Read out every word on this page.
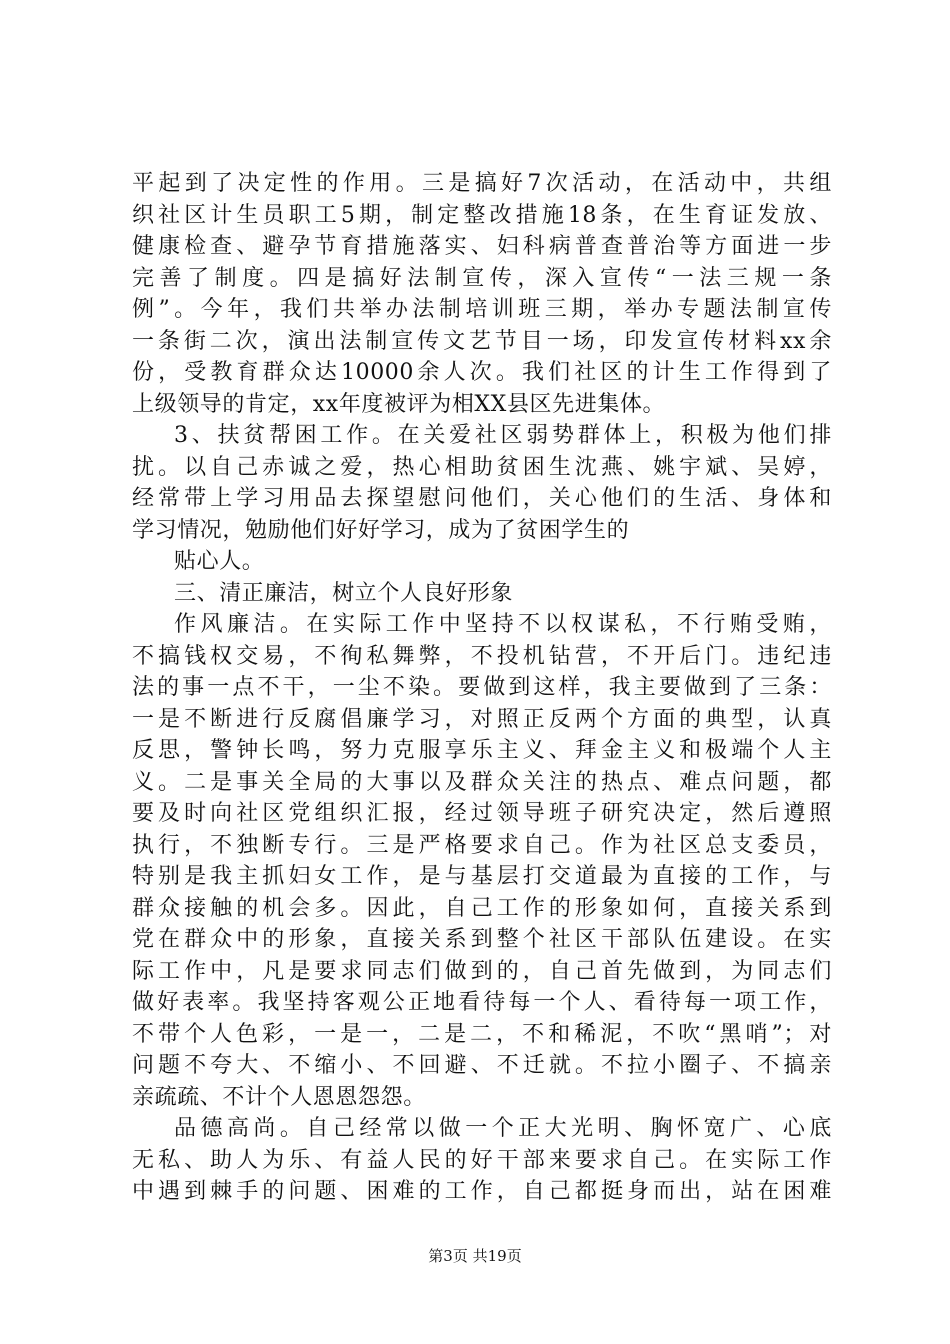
平起到了决定性的作用。三是搞好7次活动，在活动中，共组
织社区计生员职工5期，制定整改措施18条，在生育证发放、
健康检查、避孕节育措施落实、妇科病普查普治等方面进一步
完善了制度。四是搞好法制宣传，深入宣传“一法三规一条
例”。今年，我们共举办法制培训班三期，举办专题法制宣传
一条街二次，演出法制宣传文艺节目一场，印发宣传材料xx余
份，受教育群众达10000余人次。我们社区的计生工作得到了
上级领导的肯定，xx年度被评为相XX县区先进集体。
3、扶贫帮困工作。在关爱社区弱势群体上，积极为他们排
扰。以自己赤诚之爱，热心相助贫困生沈燕、姚宇斌、吴婷，
经常带上学习用品去探望慰问他们，关心他们的生活、身体和
学习情况，勉励他们好好学习，成为了贫困学生的
贴心人。
三、清正廉洁，树立个人良好形象
作风廉洁。在实际工作中坚持不以权谋私，不行贿受贿，
不搞钱权交易，不徇私舞弊，不投机钻营，不开后门。违纪违
法的事一点不干，一尘不染。要做到这样，我主要做到了三条：
一是不断进行反腐倡廉学习，对照正反两个方面的典型，认真
反思，警钟长鸣，努力克服享乐主义、拜金主义和极端个人主
义。二是事关全局的大事以及群众关注的热点、难点问题，都
要及时向社区党组织汇报，经过领导班子研究决定，然后遵照
执行，不独断专行。三是严格要求自己。作为社区总支委员，
特别是我主抓妇女工作，是与基层打交道最为直接的工作，与
群众接触的机会多。因此，自己工作的形象如何，直接关系到
党在群众中的形象，直接关系到整个社区干部队伍建设。在实
际工作中，凡是要求同志们做到的，自己首先做到，为同志们
做好表率。我坚持客观公正地看待每一个人、看待每一项工作，
不带个人色彩，一是一，二是二，不和稀泥，不吹“黑哨”；对
问题不夸大、不缩小、不回避、不迁就。不拉小圈子、不搞亲
亲疏疏、不计个人恩恩怨怨。
品德高尚。自己经常以做一个正大光明、胸怀宽广、心底
无私、助人为乐、有益人民的好干部来要求自己。在实际工作
中遇到棘手的问题、困难的工作，自己都挺身而出，站在困难
第3页 共19页
